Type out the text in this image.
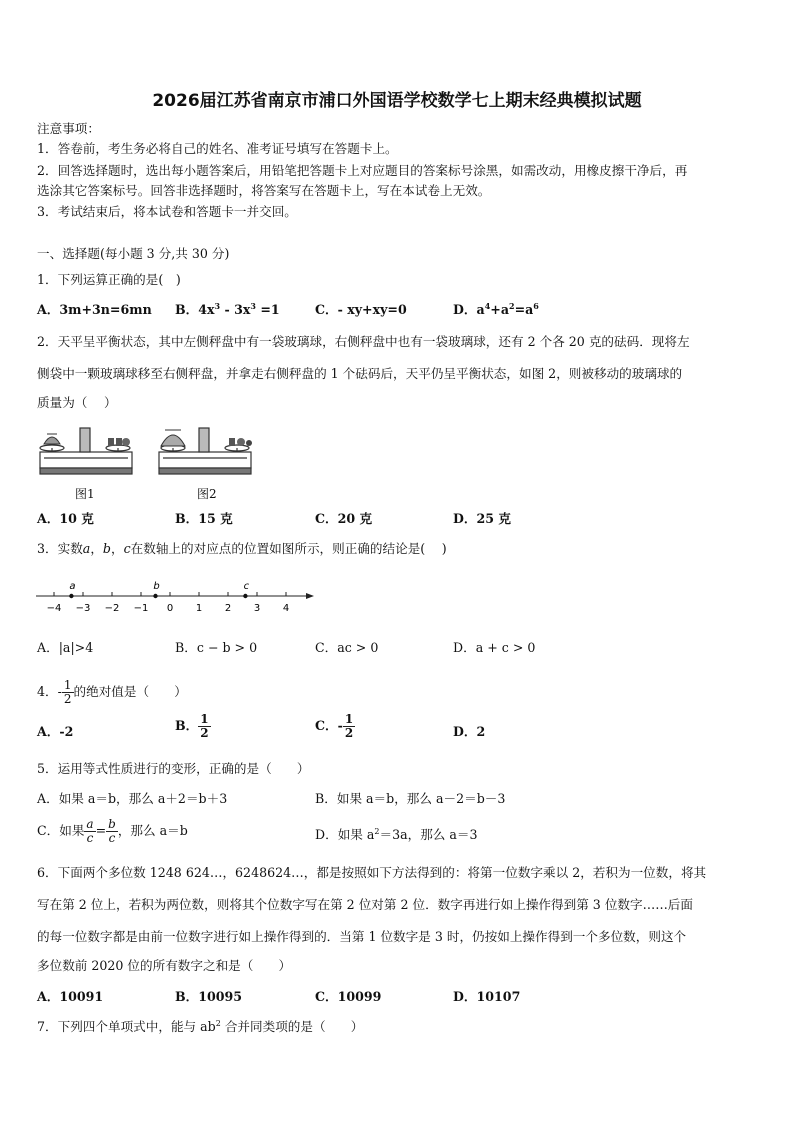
2026届江苏省南京市浦口外国语学校数学七上期末经典模拟试题
注意事项：
1．答卷前，考生务必将自己的姓名、准考证号填写在答题卡上。
2．回答选择题时，选出每小题答案后，用铅笔把答题卡上对应题目的答案标号涂黑，如需改动，用橡皮擦干净后，再
选涂其它答案标号。回答非选择题时，将答案写在答题卡上，写在本试卷上无效。
3．考试结束后，将本试卷和答题卡一并交回。
一、选择题(每小题 3 分,共 30 分)
1．下列运算正确的是(　)
A．3m+3n=6mn B．$4x^3 - 3x^3 =1$	C．- xy+xy=0	D．$a^4+a^2=a^6$
2．天平呈平衡状态，其中左侧秤盘中有一袋玻璃球，右侧秤盘中也有一袋玻璃球，还有 2 个各 20 克的砝码．现将左
侧袋中一颗玻璃球移至右侧秤盘，并拿走右侧秤盘的 1 个砝码后，天平仍呈平衡状态，如图 2，则被移动的玻璃球的
质量为（　 ）
图1	图2
A．10 克	B．15 克	C．20 克	D．25 克
3．实数a，b，c在数轴上的对应点的位置如图所示，则正确的结论是(　 )
−4 −3 −2 −1 0 1 2 3 4
a	b	c
A．|a|>4	B．c − b > 0	C．ac > 0	D．a + c > 0
4．- $\frac{1}{2}$ 的绝对值是（　　）
A．-2	B． $\frac{1}{2}$	C．- $\frac{1}{2}$	D．2
5．运用等式性质进行的变形，正确的是（　　）
A．如果 a＝b，那么 a＋2＝b＋3	B．如果 a＝b，那么 a－2＝b－3
C．如果 $\frac{a}{c} = \frac{b}{c}$ ，那么 a＝b	D．如果 $a^2=3a$，那么 a＝3
6．下面两个多位数 1248 624…，6248624…，都是按照如下方法得到的：将第一位数字乘以 2，若积为一位数，将其
写在第 2 位上，若积为两位数，则将其个位数字写在第 2 位对第 2 位．数字再进行如上操作得到第 3 位数字……后面
的每一位数字都是由前一位数字进行如上操作得到的．当第 1 位数字是 3 时，仍按如上操作得到一个多位数，则这个
多位数前 2020 位的所有数字之和是（　　）
A．10091	B．10095	C．10099	D．10107
7．下列四个单项式中，能与 $ab^2$ 合并同类项的是（　　）
